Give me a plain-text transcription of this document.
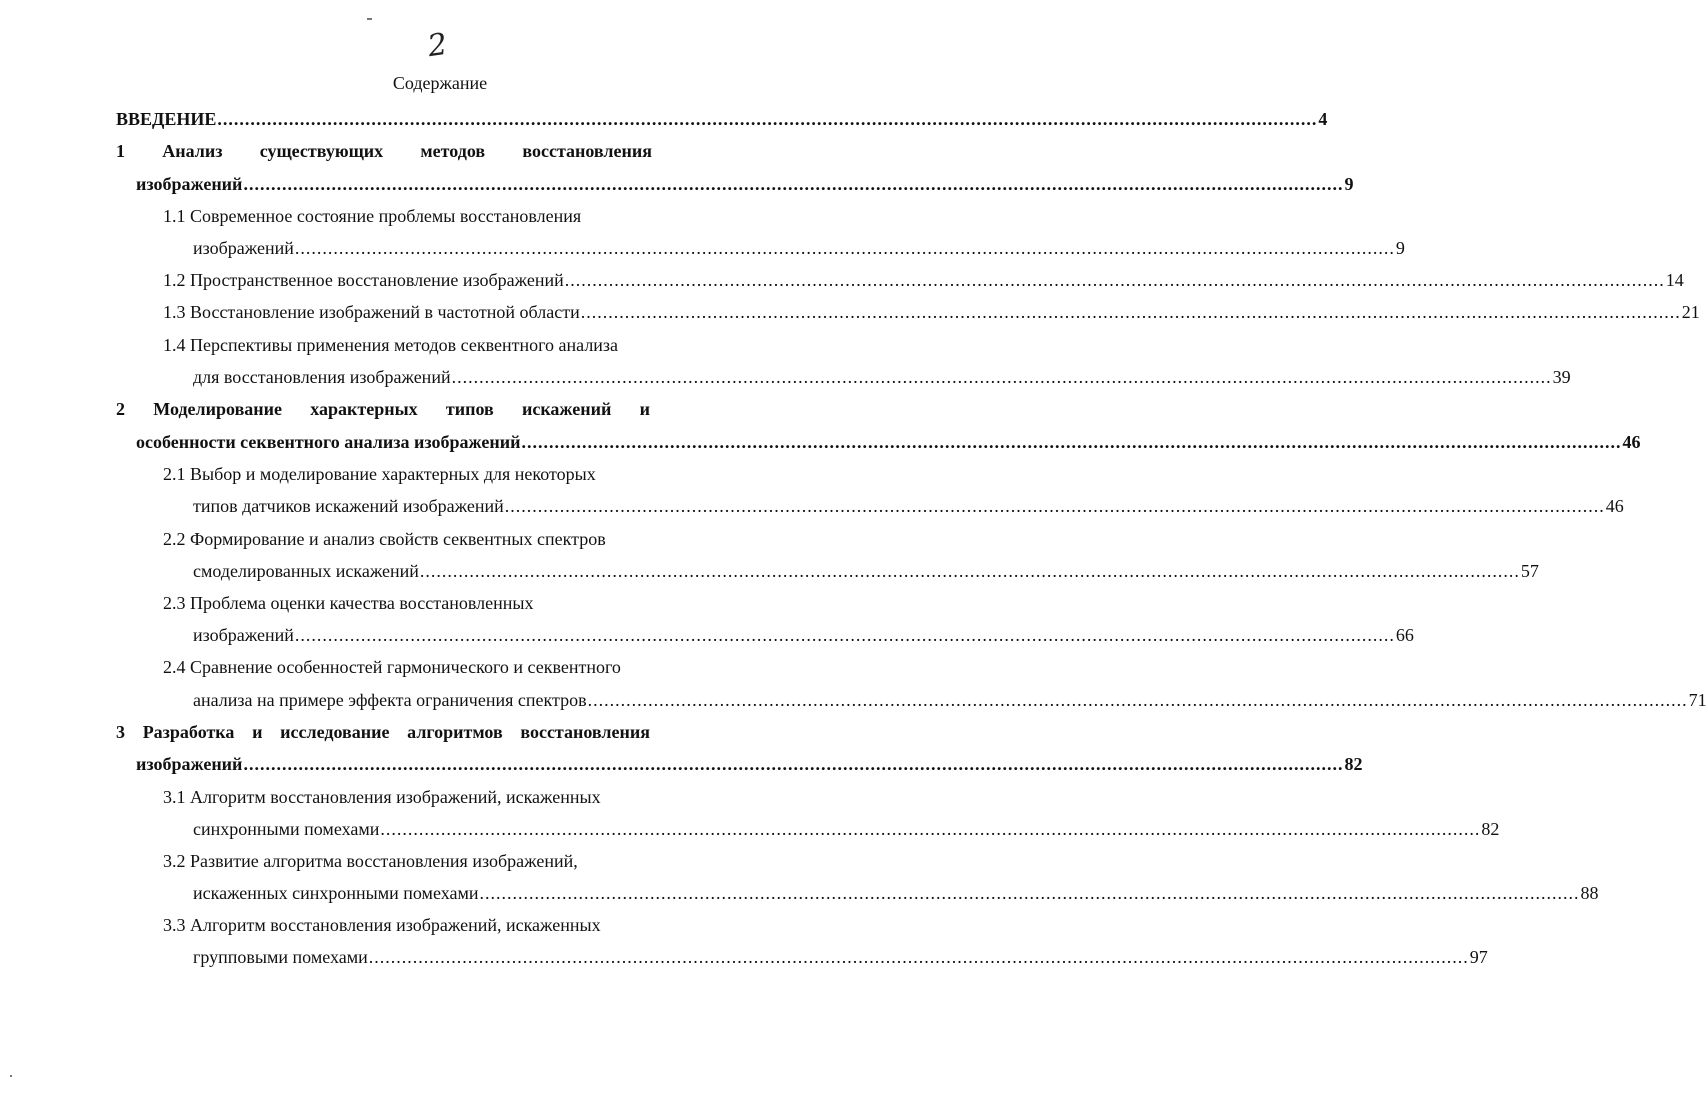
2
Содержание
ВВЕДЕНИЕ ........................................................................................................................................................................................................ 4
1 Анализ существующих методов восстановления
изображений ........................................................................................................................................................................................................ 9
1.1 Современное состояние проблемы восстановления
изображений ........................................................................................................................................................................................................ 9
1.2 Пространственное восстановление изображений ........................................................................................................................................................................................................ 14
1.3 Восстановление изображений в частотной области ........................................................................................................................................................................................................ 21
1.4 Перспективы применения методов секвентного анализа
для восстановления изображений ........................................................................................................................................................................................................ 39
2 Моделирование характерных типов искажений и
особенности секвентного анализа изображений ........................................................................................................................................................................................................ 46
2.1 Выбор и моделирование характерных для некоторых
типов датчиков искажений изображений ........................................................................................................................................................................................................ 46
2.2 Формирование и анализ свойств секвентных спектров
смоделированных искажений ........................................................................................................................................................................................................ 57
2.3 Проблема оценки качества восстановленных
изображений ........................................................................................................................................................................................................ 66
2.4 Сравнение особенностей гармонического и секвентного
анализа на примере эффекта ограничения спектров ........................................................................................................................................................................................................ 71
3 Разработка и исследование алгоритмов восстановления
изображений ........................................................................................................................................................................................................ 82
3.1 Алгоритм восстановления изображений, искаженных
синхронными помехами ........................................................................................................................................................................................................ 82
3.2 Развитие алгоритма восстановления изображений,
искаженных синхронными помехами ........................................................................................................................................................................................................ 88
3.3 Алгоритм восстановления изображений, искаженных
групповыми помехами ........................................................................................................................................................................................................ 97
